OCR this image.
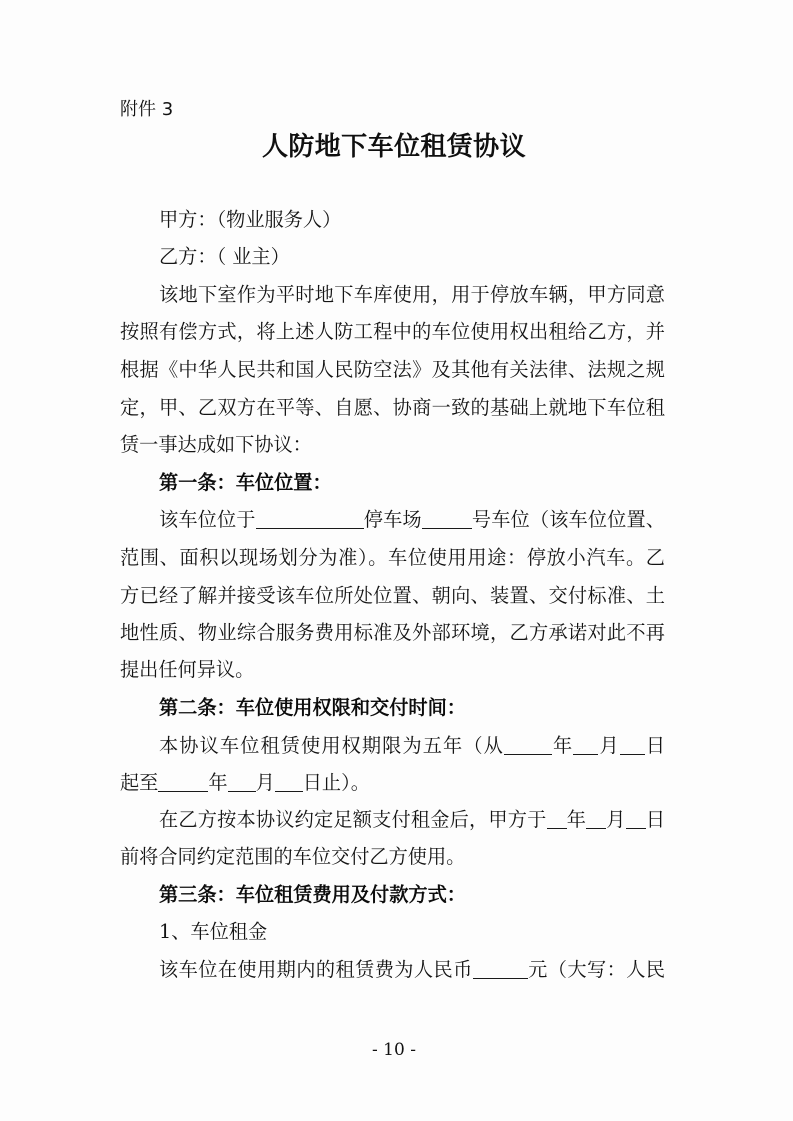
附件 3
人防地下车位租赁协议
甲方：（物业服务人）
乙方：（ 业主）
该地下室作为平时地下车库使用，用于停放车辆，甲方同意
按照有偿方式，将上述人防工程中的车位使用权出租给乙方，并
根据《中华人民共和国人民防空法》及其他有关法律、法规之规
定，甲、乙双方在平等、自愿、协商一致的基础上就地下车位租
赁一事达成如下协议：
第一条：车位位置：
该车位位于	停车场	号车位（该车位位置、
范围、面积以现场划分为准）。车位使用用途：停放小汽车。乙
方已经了解并接受该车位所处位置、朝向、装置、交付标准、土
地性质、物业综合服务费用标准及外部环境，乙方承诺对此不再
提出任何异议。
第二条：车位使用权限和交付时间：
本协议车位租赁使用权期限为五年（从	年 月 日
起至	年 月 日止）。
在乙方按本协议约定足额支付租金后，甲方于 年 月 日
前将合同约定范围的车位交付乙方使用。
第三条：车位租赁费用及付款方式：
1、车位租金
该车位在使用期内的租赁费为人民币	元（大写：人民
- 10 -
